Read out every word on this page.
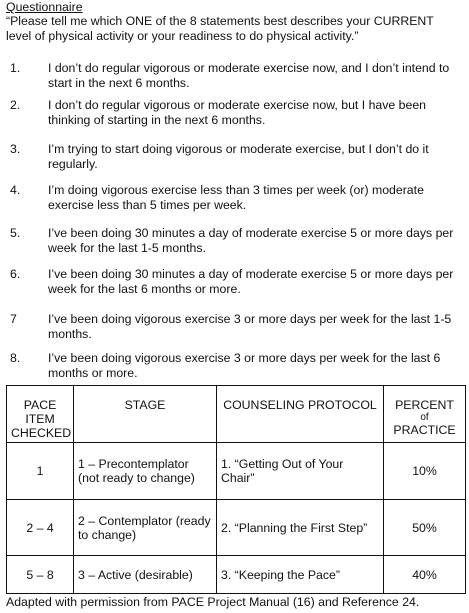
Questionnaire
“Please tell me which ONE of the 8 statements best describes your CURRENT level of physical activity or your readiness to do physical activity.”
1. I don’t do regular vigorous or moderate exercise now, and I don’t intend to start in the next 6 months.
2. I don’t do regular vigorous or moderate exercise now, but I have been thinking of starting in the next 6 months.
3. I’m trying to start doing vigorous or moderate exercise, but I don’t do it regularly.
4. I’m doing vigorous exercise less than 3 times per week (or) moderate exercise less than 5 times per week.
5. I’ve been doing 30 minutes a day of moderate exercise 5 or more days per week for the last 1-5 months.
6. I’ve been doing 30 minutes a day of moderate exercise 5 or more days per week for the last 6 months or more.
7	I’ve been doing vigorous exercise 3 or more days per week for the last 1-5 months.
8. I’ve been doing vigorous exercise 3 or more days per week for the last 6 months or more.
PACE ITEM CHECKED	STAGE	COUNSELING PROTOCOL	PERCENT
of
PRACTICE
1	1 – Precontemplator (not ready to change)	1. “Getting Out of Your Chair”	10%
2 – 4	2 – Contemplator (ready to change)	2. “Planning the First Step”	50%
5 – 8	3 – Active (desirable)	3. “Keeping the Pace”	40%
Adapted with permission from PACE Project Manual (16) and Reference 24.
